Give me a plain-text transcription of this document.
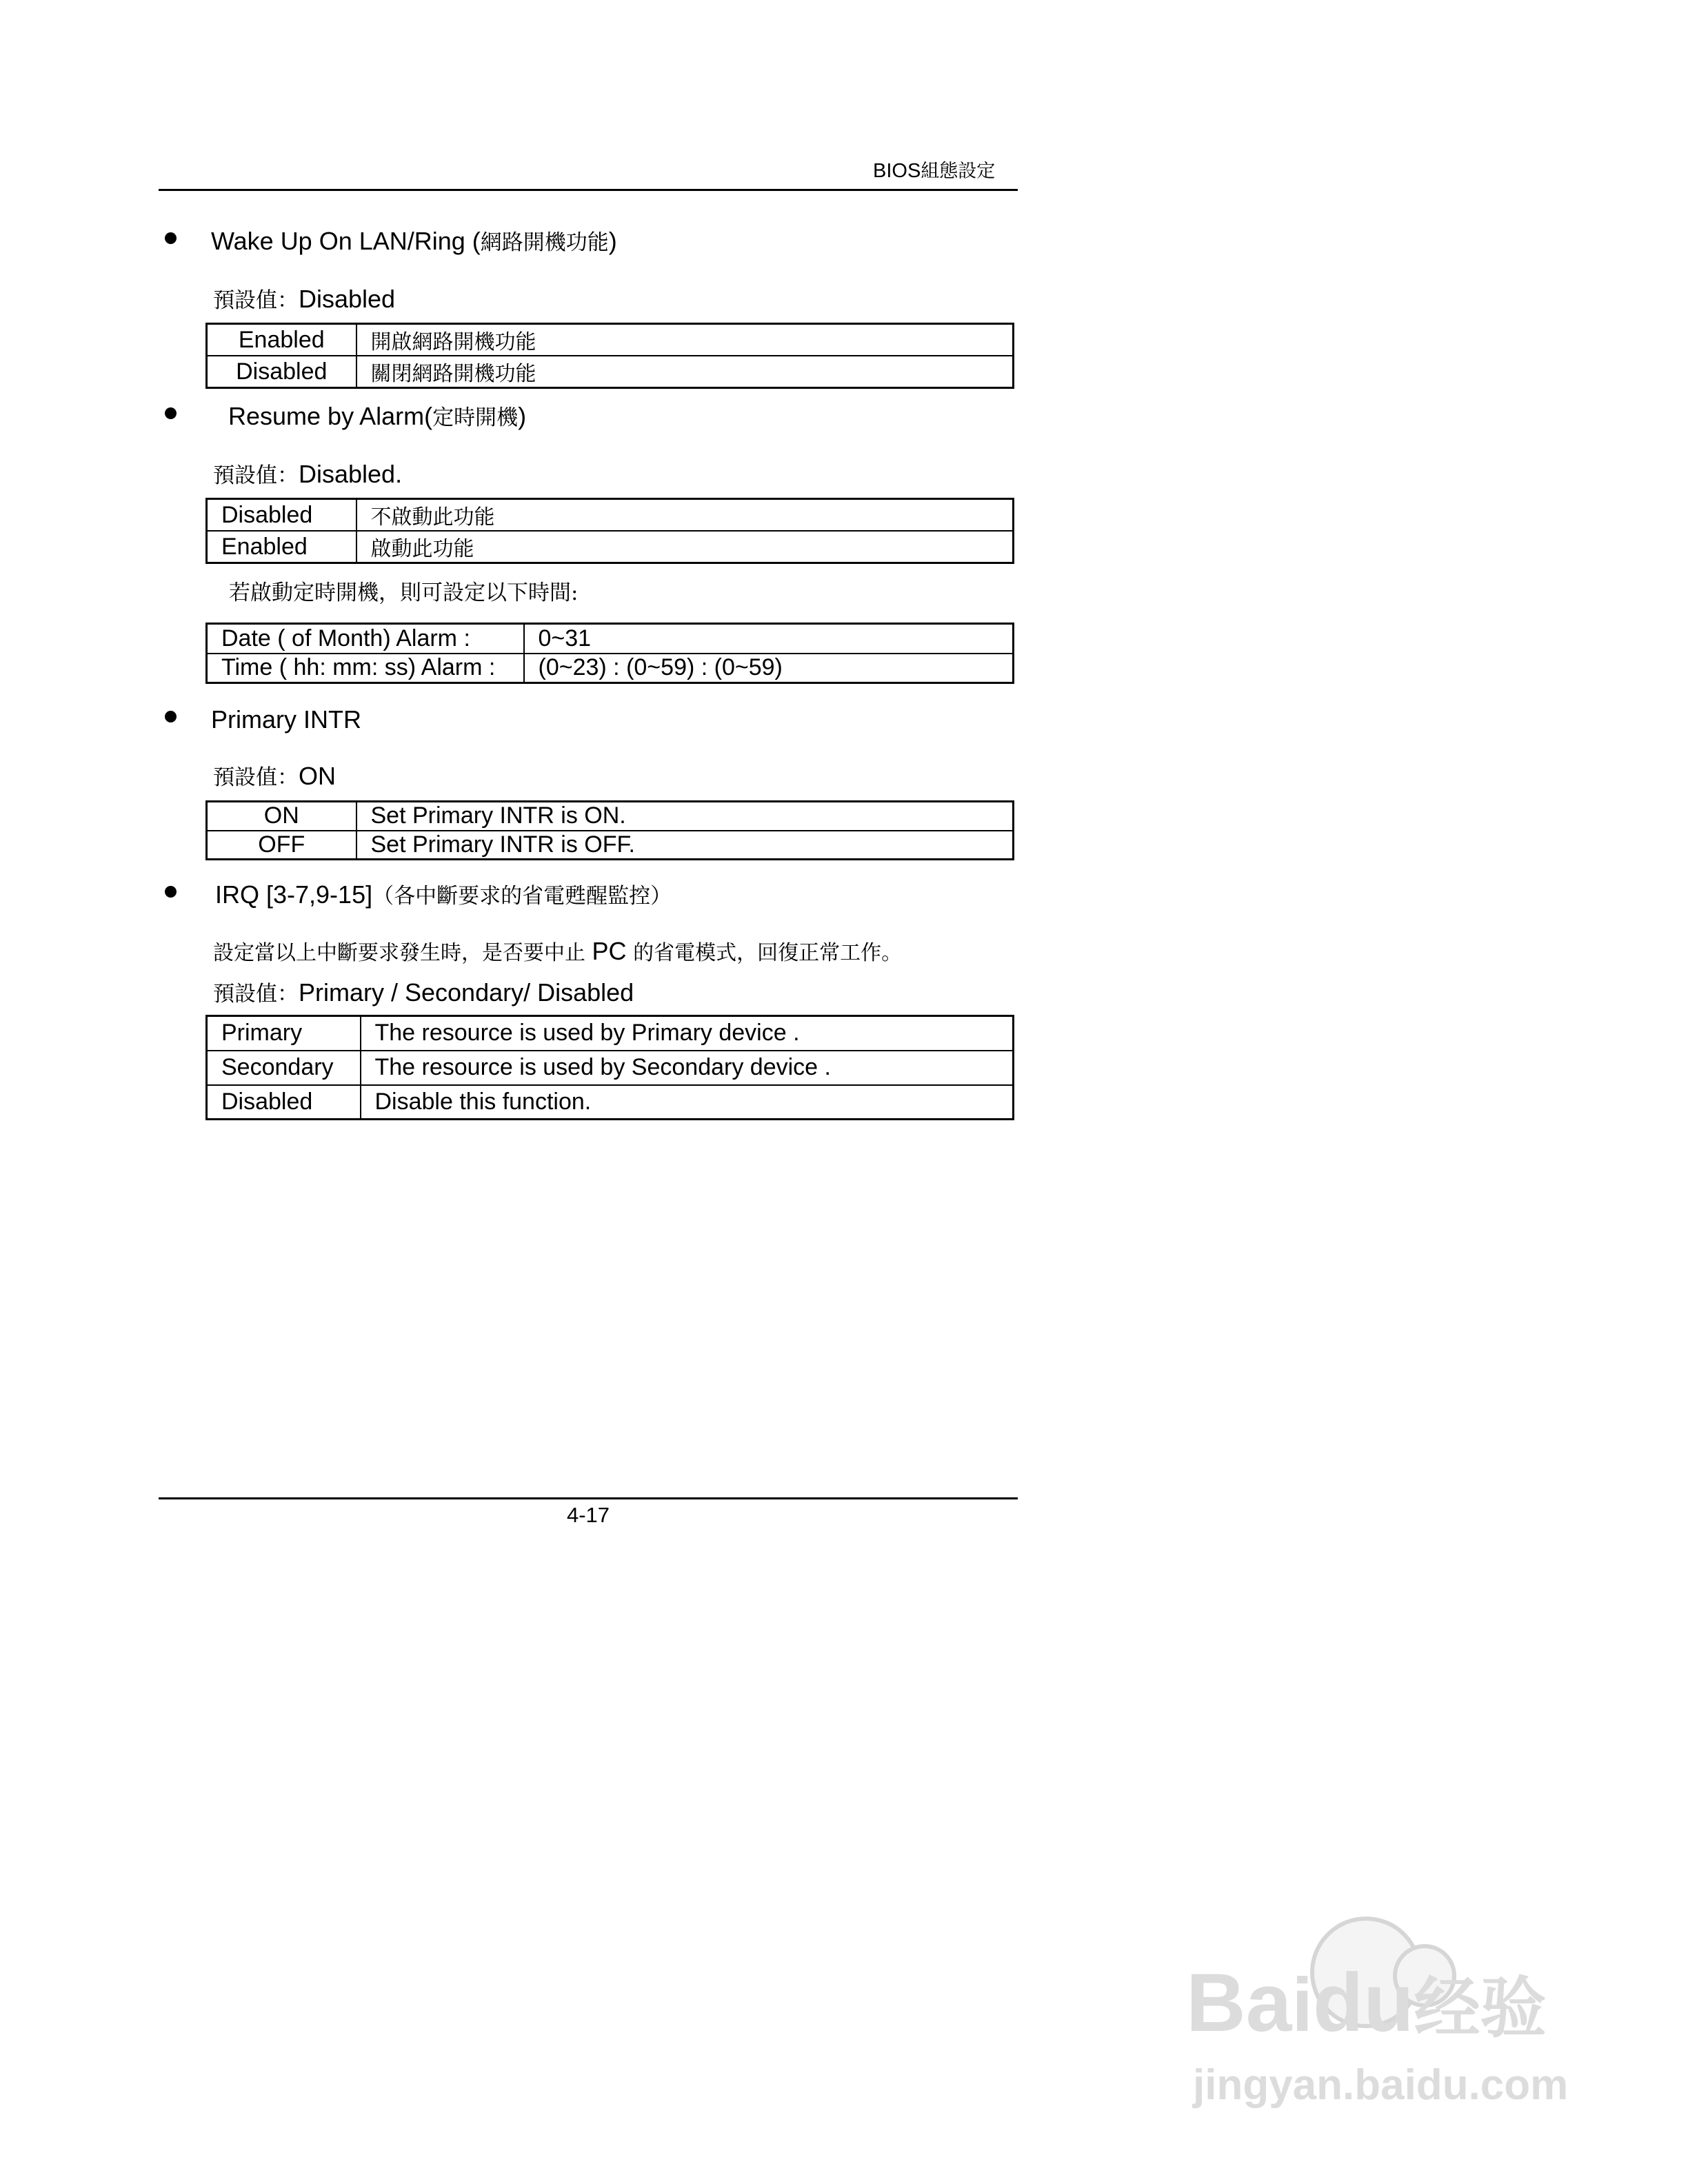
BIOS組態設定
Wake Up On LAN/Ring (網路開機功能)
預設值：Disabled
Enabled	開啟網路開機功能
Disabled	關閉網路開機功能
Resume by Alarm(定時開機)
預設值：Disabled.
Disabled	不啟動此功能
Enabled	啟動此功能
若啟動定時開機，則可設定以下時間:
Date ( of Month) Alarm :	0~31
Time ( hh: mm: ss) Alarm :	(0~23) : (0~59) : (0~59)
Primary INTR
預設值：ON
ON	Set Primary INTR is ON.
OFF	Set Primary INTR is OFF.
IRQ [3-7,9-15]（各中斷要求的省電甦醒監控）
設定當以上中斷要求發生時，是否要中止 PC 的省電模式，回復正常工作。
預設值：Primary / Secondary/ Disabled
Primary	The resource is used by Primary device .
Secondary	The resource is used by Secondary device .
Disabled	Disable this function.
4-17
Baidu经验
jingyan.baidu.com
